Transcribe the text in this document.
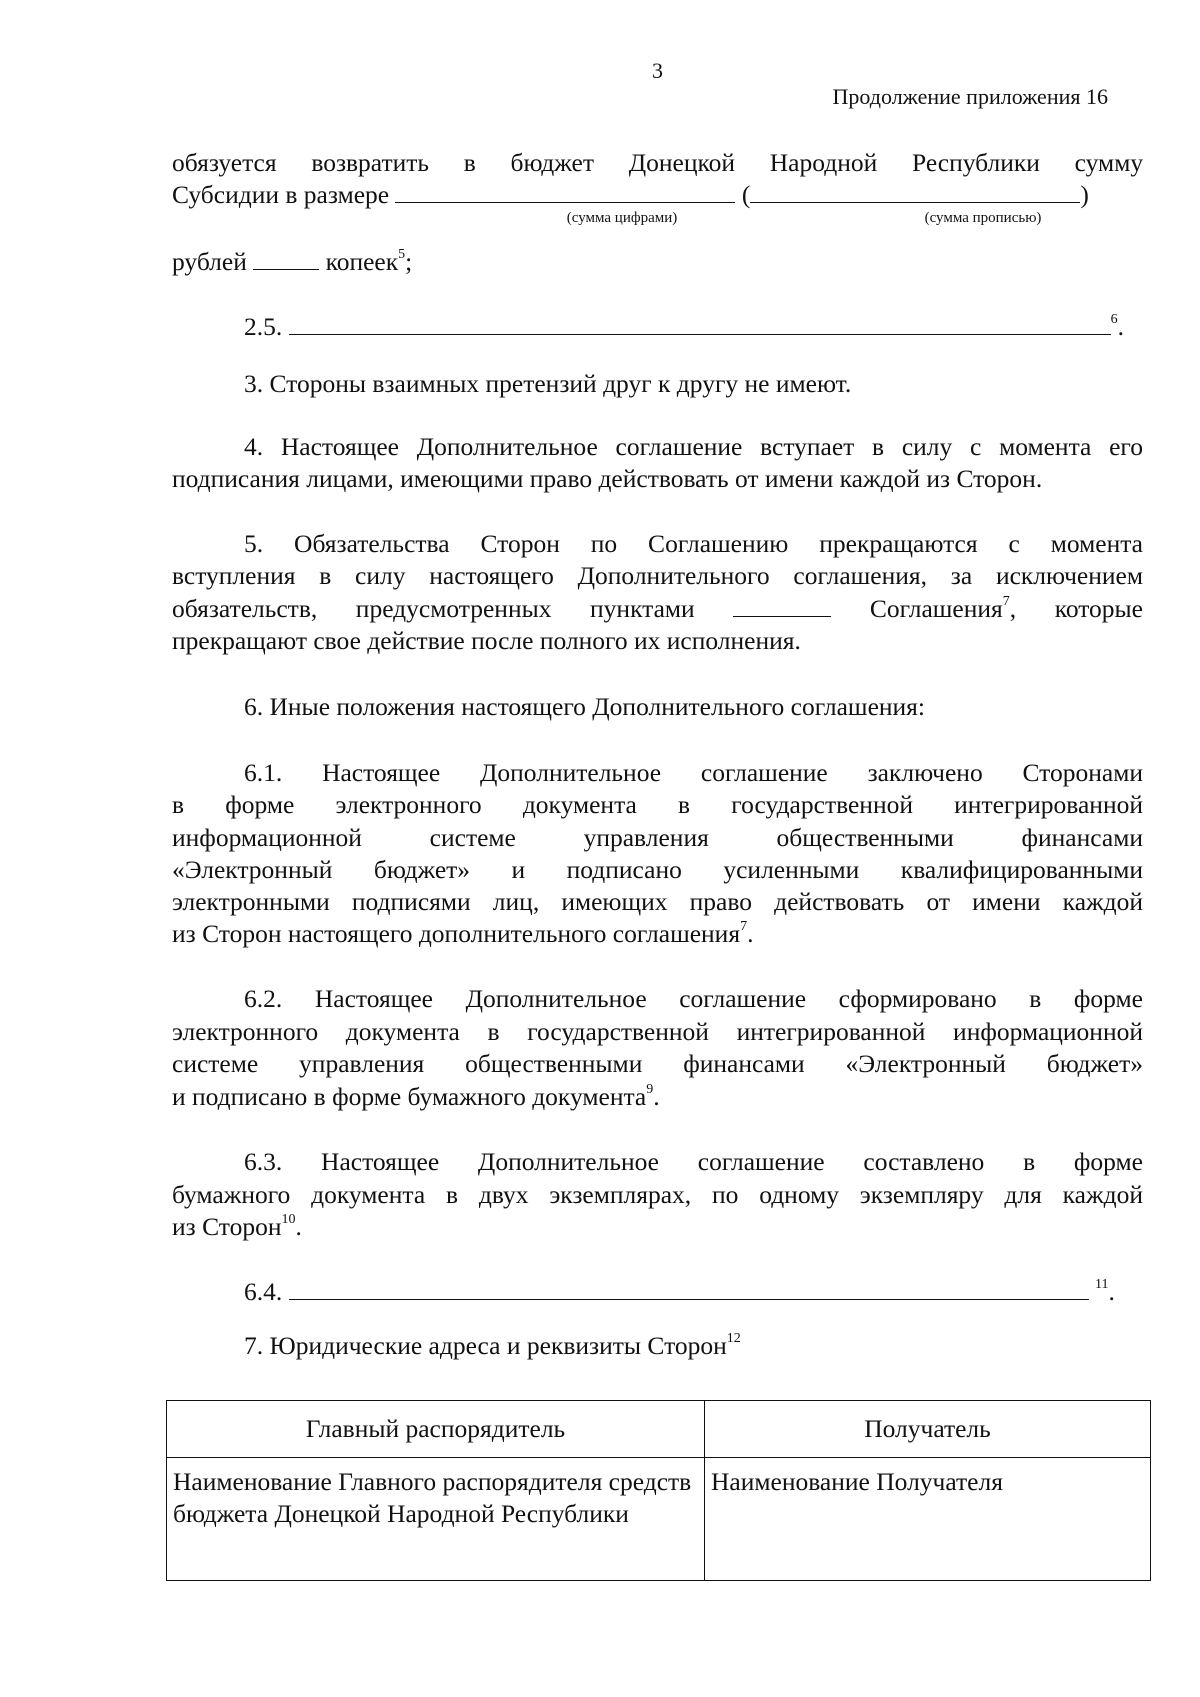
3
Продолжение приложения 16
обязуется возвратить в бюджет Донецкой Народной Республики сумму
Субсидии в размере	(	)
(сумма цифрами)	(сумма прописью)
рублей	копеек$^5$;
2.5.	$^6$.
3. Стороны взаимных претензий друг к другу не имеют.
4. Настоящее Дополнительное соглашение вступает в силу с момента его
подписания лицами, имеющими право действовать от имени каждой из Сторон.
5. Обязательства Сторон по Соглашению прекращаются с момента
вступления в силу настоящего Дополнительного соглашения, за исключением
обязательств, предусмотренных пунктами	Соглашения$^7$, которые
прекращают свое действие после полного их исполнения.
6. Иные положения настоящего Дополнительного соглашения:
6.1. Настоящее Дополнительное соглашение заключено Сторонами
в форме электронного документа в государственной интегрированной
информационной системе управления общественными финансами
«Электронный бюджет» и подписано усиленными квалифицированными
электронными подписями лиц, имеющих право действовать от имени каждой
из Сторон настоящего дополнительного соглашения$^7$.
6.2. Настоящее Дополнительное соглашение сформировано в форме
электронного документа в государственной интегрированной информационной
системе управления общественными финансами «Электронный бюджет»
и подписано в форме бумажного документа$^9$.
6.3. Настоящее Дополнительное соглашение составлено в форме
бумажного документа в двух экземплярах, по одному экземпляру для каждой
из Сторон$^{10}$.
6.4.	$^{11}$.
7. Юридические адреса и реквизиты Сторон$^{12}$
Главный распорядитель	Получатель
Наименование Главного распорядителя средств бюджета Донецкой Народной Республики	Наименование Получателя
